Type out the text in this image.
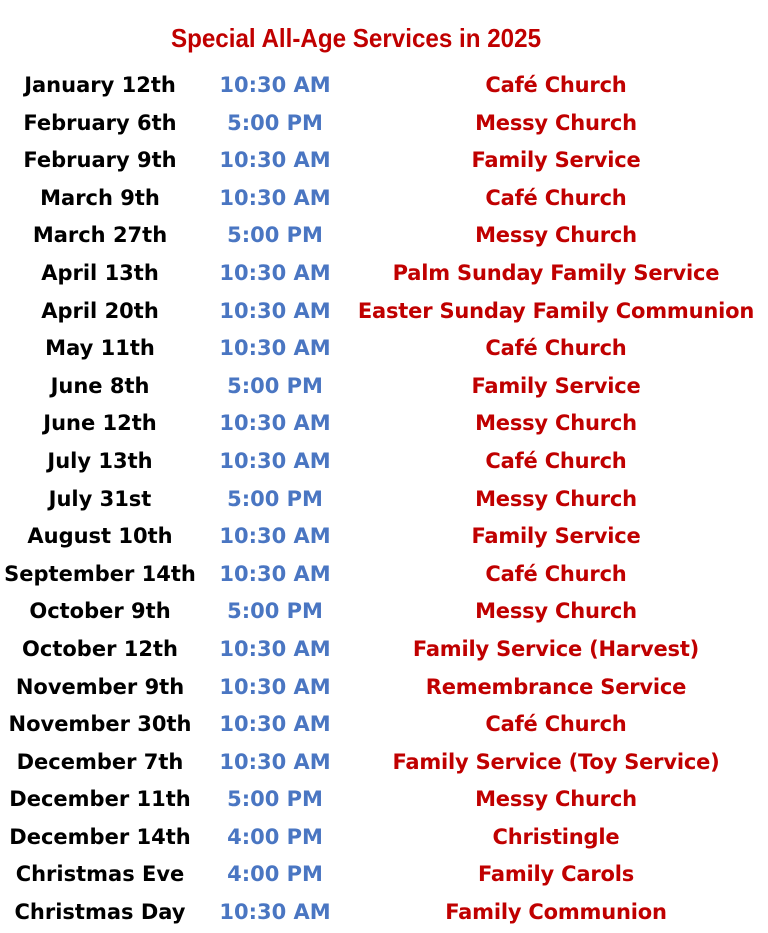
Special All-Age Services in 2025
January 12th	10:30 AM	Café Church
February 6th	5:00 PM	Messy Church
February 9th	10:30 AM	Family Service
March 9th	10:30 AM	Café Church
March 27th	5:00 PM	Messy Church
April 13th	10:30 AM	Palm Sunday Family Service
April 20th	10:30 AM	Easter Sunday Family Communion
May 11th	10:30 AM	Café Church
June 8th	5:00 PM	Family Service
June 12th	10:30 AM	Messy Church
July 13th	10:30 AM	Café Church
July 31st	5:00 PM	Messy Church
August 10th	10:30 AM	Family Service
September 14th	10:30 AM	Café Church
October 9th	5:00 PM	Messy Church
October 12th	10:30 AM	Family Service (Harvest)
November 9th	10:30 AM	Remembrance Service
November 30th	10:30 AM	Café Church
December 7th	10:30 AM	Family Service (Toy Service)
December 11th	5:00 PM	Messy Church
December 14th	4:00 PM	Christingle
Christmas Eve	4:00 PM	Family Carols
Christmas Day	10:30 AM	Family Communion
